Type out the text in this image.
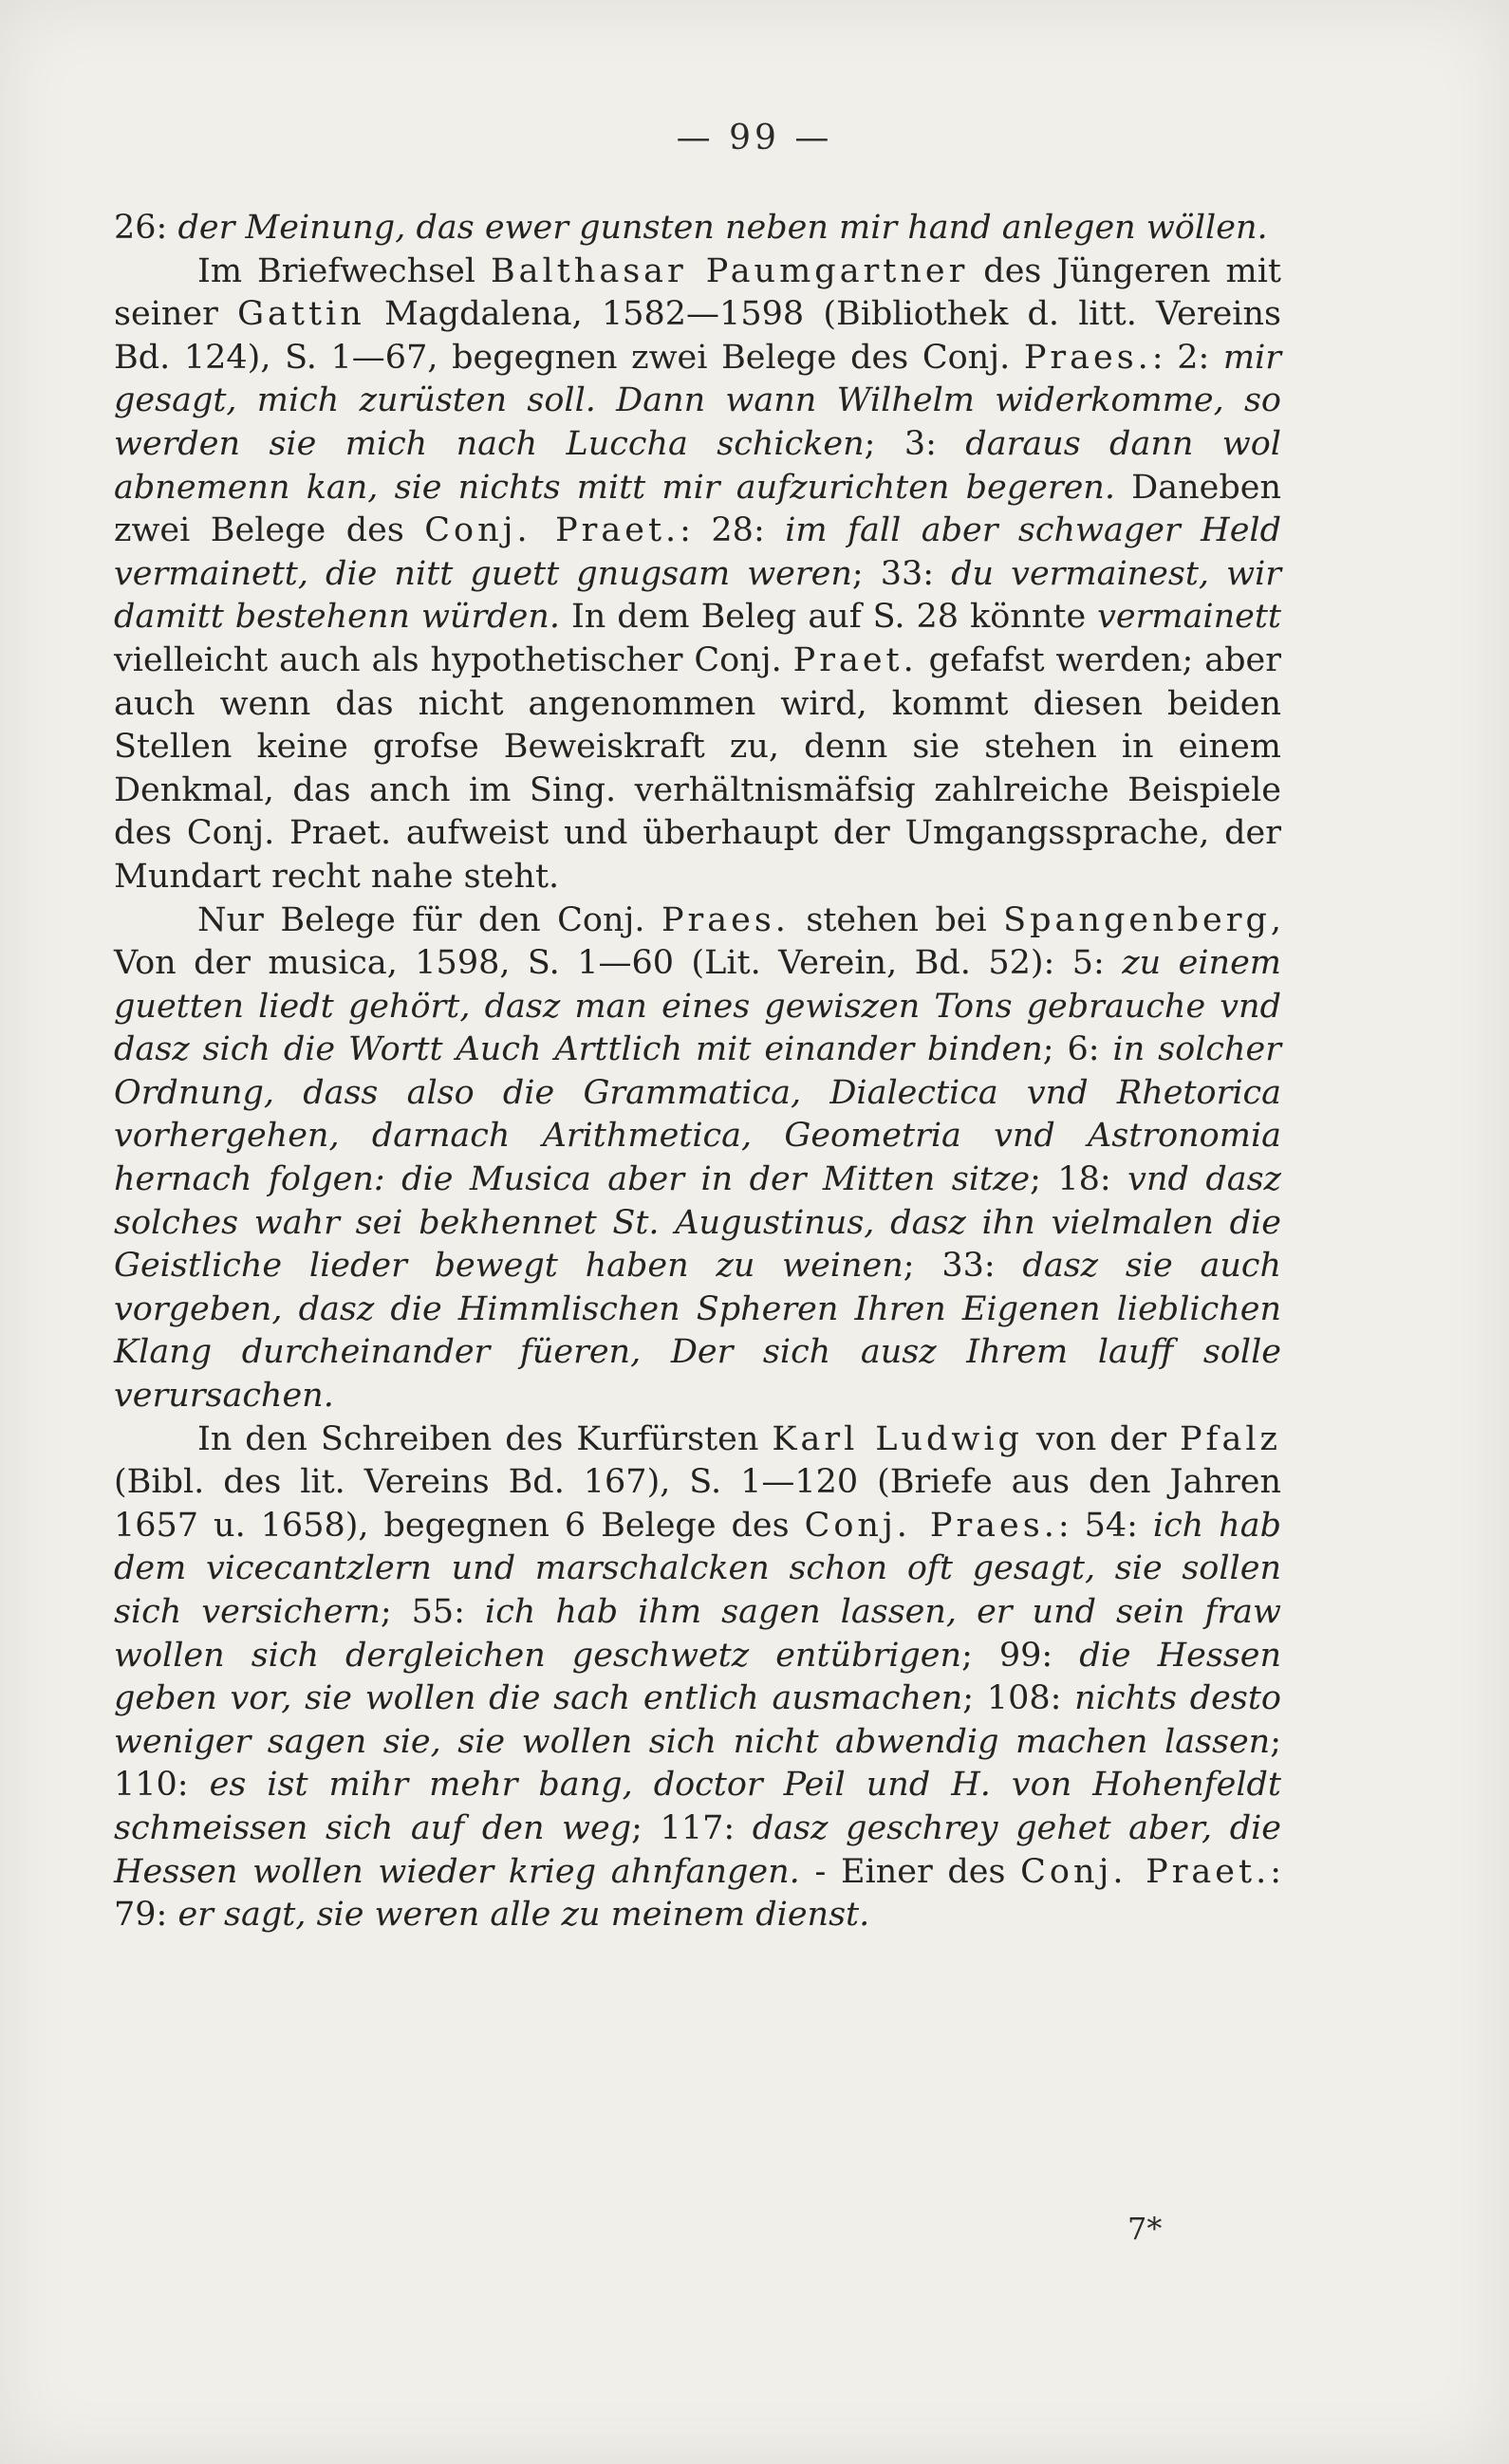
— 99 —

26: der Meinung, das ewer gunsten neben mir hand anlegen wöllen.

Im Briefwechsel Balthasar Paumgartner des Jüngeren mit seiner Gattin Magdalena, 1582—1598 (Bibliothek d. litt. Vereins Bd. 124), S. 1—67, begegnen zwei Belege des Conj. Praes.: 2: mir gesagt, mich zurüsten soll. Dann wann Wilhelm widerkomme, so werden sie mich nach Luccha schicken; 3: daraus dann wol abnemenn kan, sie nichts mitt mir aufzurichten begeren. Daneben zwei Belege des Conj. Praet.: 28: im fall aber schwager Held vermainett, die nitt guett gnugsam weren; 33: du vermainest, wir damitt bestehenn würden. In dem Beleg auf S. 28 könnte vermainett vielleicht auch als hypothetischer Conj. Praet. gefafst werden; aber auch wenn das nicht angenommen wird, kommt diesen beiden Stellen keine grofse Beweiskraft zu, denn sie stehen in einem Denkmal, das anch im Sing. verhältnismäfsig zahlreiche Beispiele des Conj. Praet. aufweist und überhaupt der Umgangssprache, der Mundart recht nahe steht.

Nur Belege für den Conj. Praes. stehen bei Spangenberg, Von der musica, 1598, S. 1—60 (Lit. Verein, Bd. 52): 5: zu einem guetten liedt gehört, dasz man eines gewiszen Tons gebrauche vnd dasz sich die Wortt Auch Arttlich mit einander binden; 6: in solcher Ordnung, dass also die Grammatica, Dialectica vnd Rhetorica vorhergehen, darnach Arithmetica, Geometria vnd Astronomia hernach folgen: die Musica aber in der Mitten sitze; 18: vnd dasz solches wahr sei bekhennet St. Augustinus, dasz ihn vielmalen die Geistliche lieder bewegt haben zu weinen; 33: dasz sie auch vorgeben, dasz die Himmlischen Spheren Ihren Eigenen lieblichen Klang durcheinander füeren, Der sich ausz Ihrem lauff solle verursachen.

In den Schreiben des Kurfürsten Karl Ludwig von der Pfalz (Bibl. des lit. Vereins Bd. 167), S. 1—120 (Briefe aus den Jahren 1657 u. 1658), begegnen 6 Belege des Conj. Praes.: 54: ich hab dem vicecantzlern und marschalcken schon oft gesagt, sie sollen sich versichern; 55: ich hab ihm sagen lassen, er und sein fraw wollen sich dergleichen geschwetz entübrigen; 99: die Hessen geben vor, sie wollen die sach entlich ausmachen; 108: nichts desto weniger sagen sie, sie wollen sich nicht abwendig machen lassen; 110: es ist mihr mehr bang, doctor Peil und H. von Hohenfeldt schmeissen sich auf den weg; 117: dasz geschrey gehet aber, die Hessen wollen wieder krieg ahnfangen. - Einer des Conj. Praet.: 79: er sagt, sie weren alle zu meinem dienst.

7*
